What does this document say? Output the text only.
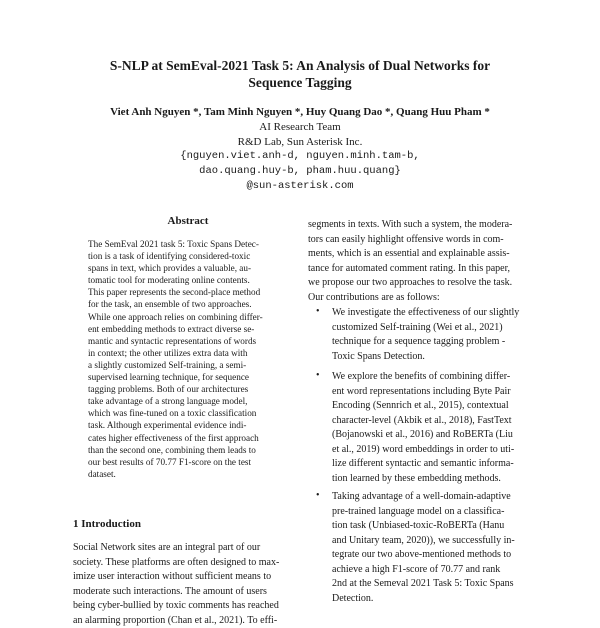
S-NLP at SemEval-2021 Task 5: An Analysis of Dual Networks for
Sequence Tagging
Viet Anh Nguyen *, Tam Minh Nguyen *, Huy Quang Dao *, Quang Huu Pham *
AI Research Team
R&D Lab, Sun Asterisk Inc.
{nguyen.viet.anh-d, nguyen.minh.tam-b,
dao.quang.huy-b, pham.huu.quang}
@sun-asterisk.com
Abstract
The SemEval 2021 task 5: Toxic Spans Detec-
tion is a task of identifying considered-toxic
spans in text, which provides a valuable, au-
tomatic tool for moderating online contents.
This paper represents the second-place method
for the task, an ensemble of two approaches.
While one approach relies on combining differ-
ent embedding methods to extract diverse se-
mantic and syntactic representations of words
in context; the other utilizes extra data with
a slightly customized Self-training, a semi-
supervised learning technique, for sequence
tagging problems. Both of our architectures
take advantage of a strong language model,
which was fine-tuned on a toxic classification
task. Although experimental evidence indi-
cates higher effectiveness of the first approach
than the second one, combining them leads to
our best results of 70.77 F1-score on the test
dataset.
1 Introduction
Social Network sites are an integral part of our
society. These platforms are often designed to max-
imize user interaction without sufficient means to
moderate such interactions. The amount of users
being cyber-bullied by toxic comments has reached
an alarming proportion (Chan et al., 2021). To effi-
segments in texts. With such a system, the modera-
tors can easily highlight offensive words in com-
ments, which is an essential and explainable assis-
tance for automated comment rating. In this paper,
we propose our two approaches to resolve the task.
Our contributions are as follows:
• We investigate the effectiveness of our slightly
customized Self-training (Wei et al., 2021)
technique for a sequence tagging problem -
Toxic Spans Detection.
• We explore the benefits of combining differ-
ent word representations including Byte Pair
Encoding (Sennrich et al., 2015), contextual
character-level (Akbik et al., 2018), FastText
(Bojanowski et al., 2016) and RoBERTa (Liu
et al., 2019) word embeddings in order to uti-
lize different syntactic and semantic informa-
tion learned by these embedding methods.
• Taking advantage of a well-domain-adaptive
pre-trained language model on a classifica-
tion task (Unbiased-toxic-RoBERTa (Hanu
and Unitary team, 2020)), we successfully in-
tegrate our two above-mentioned methods to
achieve a high F1-score of 70.77 and rank
2nd at the Semeval 2021 Task 5: Toxic Spans
Detection.
